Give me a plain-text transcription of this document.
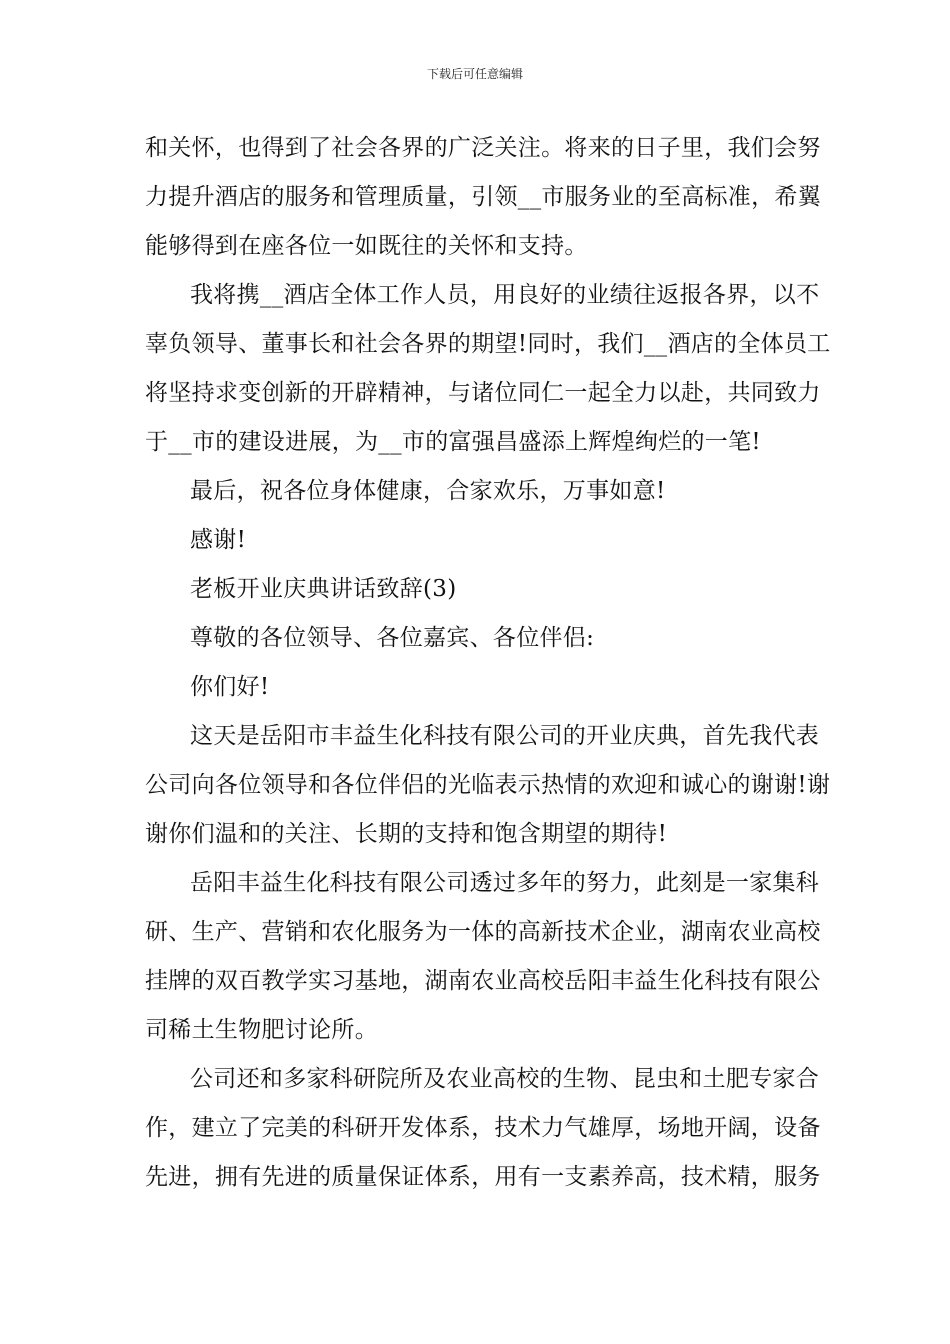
下载后可任意编辑
和关怀，也得到了社会各界的广泛关注。将来的日子里，我们会努
力提升酒店的服务和管理质量，引领__市服务业的至高标准，希翼
能够得到在座各位一如既往的关怀和支持。
我将携__酒店全体工作人员，用良好的业绩往返报各界，以不
辜负领导、董事长和社会各界的期望!同时，我们__酒店的全体员工
将坚持求变创新的开辟精神，与诸位同仁一起全力以赴，共同致力
于__市的建设进展，为__市的富强昌盛添上辉煌绚烂的一笔!
最后，祝各位身体健康，合家欢乐，万事如意!
感谢!
老板开业庆典讲话致辞(3)
尊敬的各位领导、各位嘉宾、各位伴侣:
你们好!
这天是岳阳市丰益生化科技有限公司的开业庆典，首先我代表
公司向各位领导和各位伴侣的光临表示热情的欢迎和诚心的谢谢!谢
谢你们温和的关注、长期的支持和饱含期望的期待!
岳阳丰益生化科技有限公司透过多年的努力，此刻是一家集科
研、生产、营销和农化服务为一体的高新技术企业，湖南农业高校
挂牌的双百教学实习基地，湖南农业高校岳阳丰益生化科技有限公
司稀土生物肥讨论所。
公司还和多家科研院所及农业高校的生物、昆虫和土肥专家合
作，建立了完美的科研开发体系，技术力气雄厚，场地开阔，设备
先进，拥有先进的质量保证体系，用有一支素养高，技术精，服务
